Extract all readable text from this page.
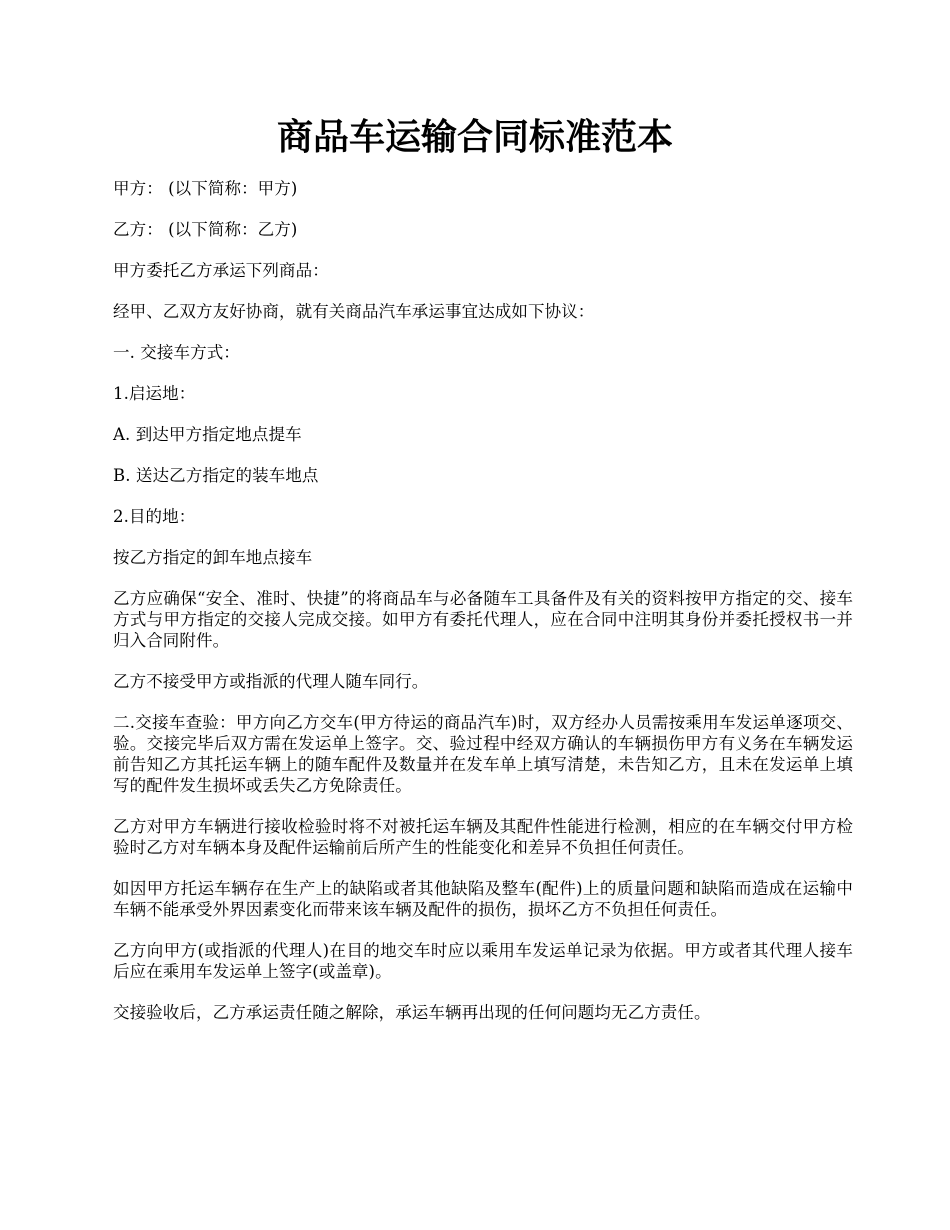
商品车运输合同标准范本

甲方： (以下简称：甲方)

乙方： (以下简称：乙方)

甲方委托乙方承运下列商品：

经甲、乙双方友好协商，就有关商品汽车承运事宜达成如下协议：

一. 交接车方式：

1.启运地：

A. 到达甲方指定地点提车

B. 送达乙方指定的装车地点

2.目的地：

按乙方指定的卸车地点接车

乙方应确保“安全、准时、快捷”的将商品车与必备随车工具备件及有关的资料按甲方指定的交、接车方式与甲方指定的交接人完成交接。如甲方有委托代理人，应在合同中注明其身份并委托授权书一并归入合同附件。

乙方不接受甲方或指派的代理人随车同行。

二.交接车查验：甲方向乙方交车(甲方待运的商品汽车)时，双方经办人员需按乘用车发运单逐项交、验。交接完毕后双方需在发运单上签字。交、验过程中经双方确认的车辆损伤甲方有义务在车辆发运前告知乙方其托运车辆上的随车配件及数量并在发车单上填写清楚，未告知乙方，且未在发运单上填写的配件发生损坏或丢失乙方免除责任。

乙方对甲方车辆进行接收检验时将不对被托运车辆及其配件性能进行检测，相应的在车辆交付甲方检验时乙方对车辆本身及配件运输前后所产生的性能变化和差异不负担任何责任。

如因甲方托运车辆存在生产上的缺陷或者其他缺陷及整车(配件)上的质量问题和缺陷而造成在运输中车辆不能承受外界因素变化而带来该车辆及配件的损伤，损坏乙方不负担任何责任。

乙方向甲方(或指派的代理人)在目的地交车时应以乘用车发运单记录为依据。甲方或者其代理人接车后应在乘用车发运单上签字(或盖章)。

交接验收后，乙方承运责任随之解除，承运车辆再出现的任何问题均无乙方责任。
